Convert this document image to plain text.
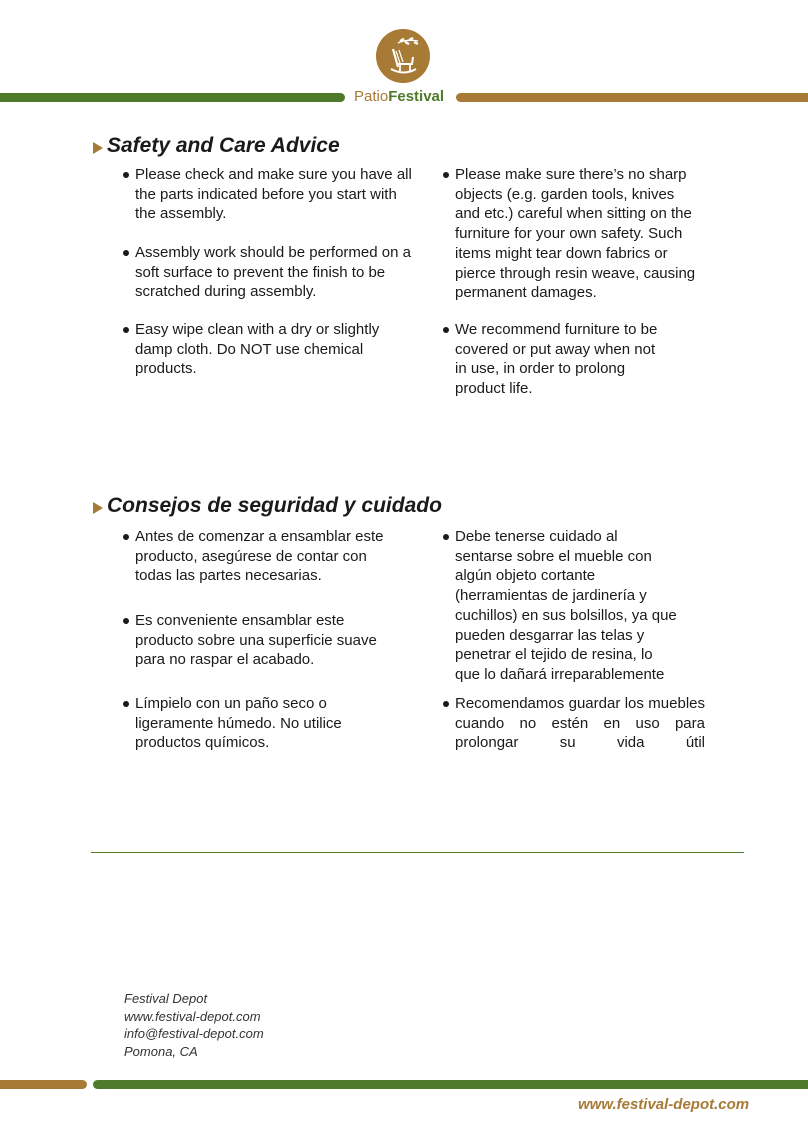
PatioFestival
Safety and Care Advice
Please check and make sure you have all
the parts indicated before you start with
the assembly.
Assembly work should be performed on a
soft surface to prevent the finish to be
scratched during assembly.
Easy wipe clean with a dry or slightly
damp cloth. Do NOT use chemical
products.
Please make sure there’s no sharp
objects (e.g. garden tools, knives
and etc.) careful when sitting on the
furniture for your own safety. Such
items might tear down fabrics or
pierce through resin weave, causing
permanent damages.
We recommend furniture to be
covered or put away when not
in use, in order to prolong
product life.
Consejos de seguridad y cuidado
Antes de comenzar a ensamblar este
producto, asegúrese de contar con
todas las partes necesarias.
Es conveniente ensamblar este
producto sobre una superficie suave
para no raspar el acabado.
Límpielo con un paño seco o
ligeramente húmedo. No utilice
productos químicos.
Debe tenerse cuidado al
sentarse sobre el mueble con
algún objeto cortante
(herramientas de jardinería y
cuchillos) en sus bolsillos, ya que
pueden desgarrar las telas y
penetrar el tejido de resina, lo
que lo dañará irreparablemente
Recomendamos guardar los muebles cuando no estén en uso para prolongar su vida útil
Festival Depot
www.festival-depot.com
info@festival-depot.com
Pomona, CA
www.festival-depot.com
